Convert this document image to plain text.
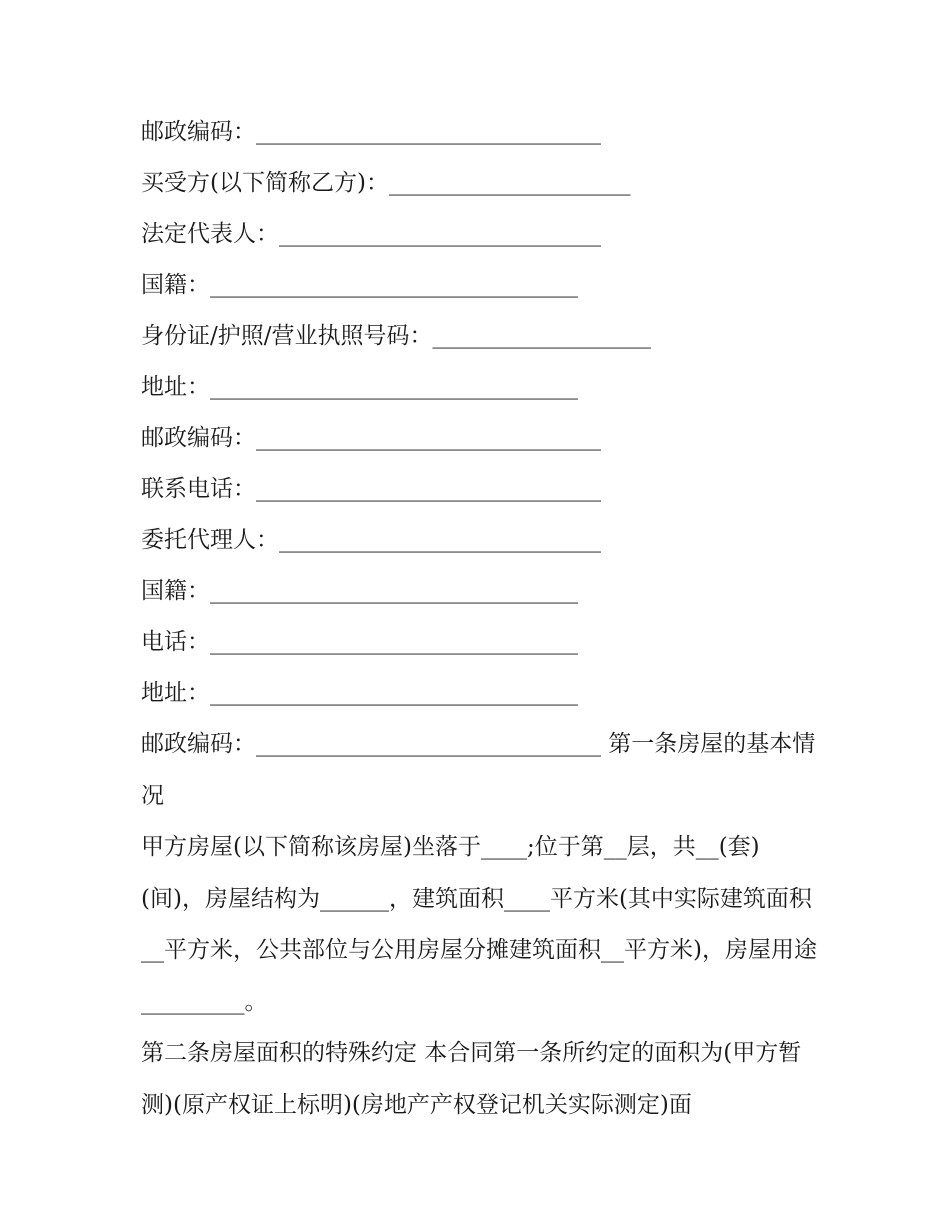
邮政编码：______________________________
买受方(以下简称乙方)：_____________________
法定代表人：____________________________
国籍：________________________________
身份证/护照/营业执照号码：___________________
地址：________________________________
邮政编码：______________________________
联系电话：______________________________
委托代理人：____________________________
国籍：________________________________
电话：________________________________
地址：________________________________
邮政编码：______________________________ 第一条房屋的基本情况
甲方房屋(以下简称该房屋)坐落于____;位于第__层，共__(套)(间)，房屋结构为______，建筑面积____平方米(其中实际建筑面积__平方米，公共部位与公用房屋分摊建筑面积__平方米)，房屋用途_________。
第二条房屋面积的特殊约定 本合同第一条所约定的面积为(甲方暂测)(原产权证上标明)(房地产产权登记机关实际测定)面
